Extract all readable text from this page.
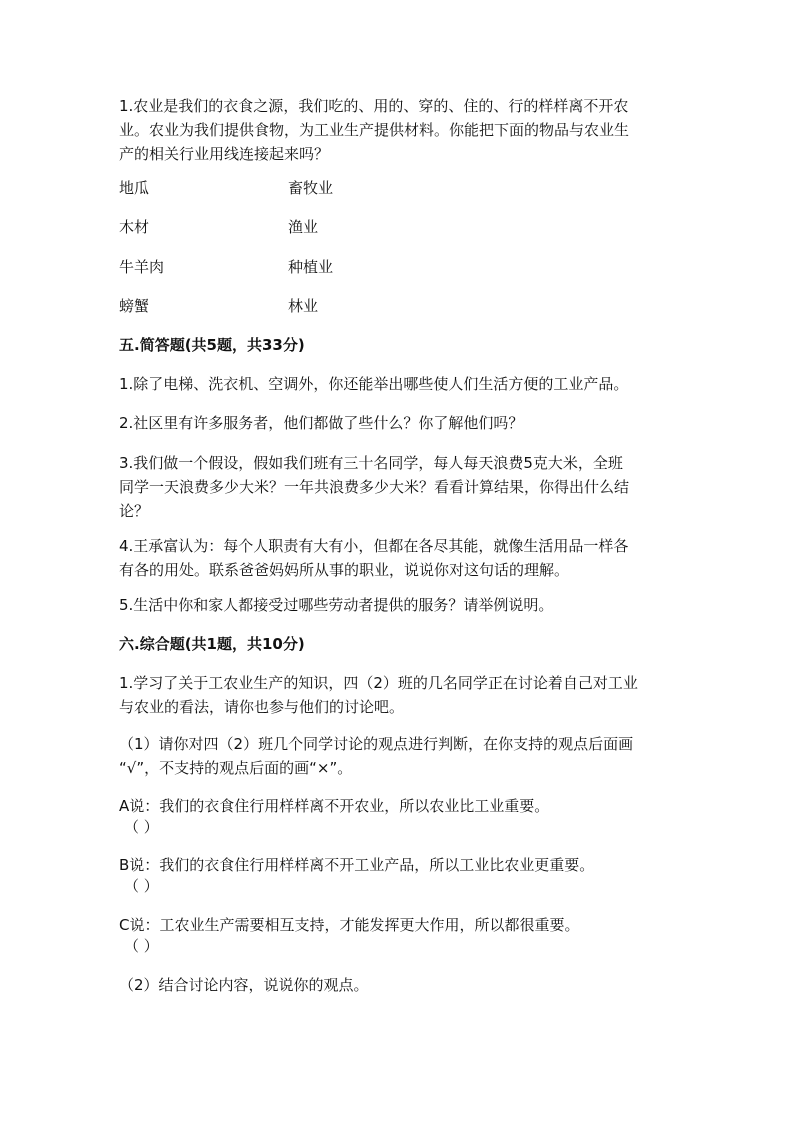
1.农业是我们的衣食之源，我们吃的、用的、穿的、住的、行的样样离不开农
业。农业为我们提供食物，为工业生产提供材料。你能把下面的物品与农业生
产的相关行业用线连接起来吗？
地瓜	畜牧业
木材	渔业
牛羊肉	种植业
螃蟹	林业
五.简答题(共5题，共33分)
1.除了电梯、洗衣机、空调外，你还能举出哪些使人们生活方便的工业产品。
2.社区里有许多服务者，他们都做了些什么？你了解他们吗？
3.我们做一个假设，假如我们班有三十名同学，每人每天浪费5克大米，全班
同学一天浪费多少大米？一年共浪费多少大米？看看计算结果，你得出什么结
论？
4.王承富认为：每个人职责有大有小，但都在各尽其能，就像生活用品一样各
有各的用处。联系爸爸妈妈所从事的职业，说说你对这句话的理解。
5.生活中你和家人都接受过哪些劳动者提供的服务？请举例说明。
六.综合题(共1题，共10分)
1.学习了关于工农业生产的知识，四（2）班的几名同学正在讨论着自己对工业
与农业的看法，请你也参与他们的讨论吧。
（1）请你对四（2）班几个同学讨论的观点进行判断，在你支持的观点后面画
“√”，不支持的观点后面的画“×”。
A说：我们的衣食住行用样样离不开农业，所以农业比工业重要。
（ ）
B说：我们的衣食住行用样样离不开工业产品，所以工业比农业更重要。
（ ）
C说：工农业生产需要相互支持，才能发挥更大作用，所以都很重要。
（ ）
（2）结合讨论内容，说说你的观点。
